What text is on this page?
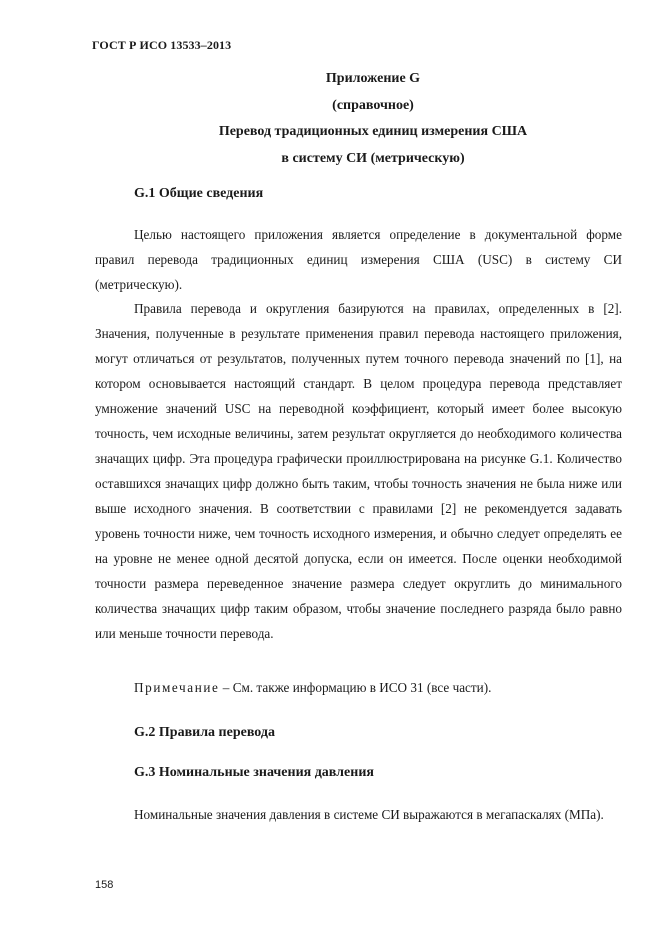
ГОСТ Р ИСО 13533–2013
Приложение G
(справочное)
Перевод традиционных единиц измерения США
в систему СИ (метрическую)
G.1 Общие сведения

Целью настоящего приложения является определение в документальной форме правил перевода традиционных единиц измерения США (USC) в систему СИ (метрическую).

Правила перевода и округления базируются на правилах, определенных в [2]. Значения, полученные в результате применения правил перевода настоящего приложения, могут отличаться от результатов, полученных путем точного перевода значений по [1], на котором основывается настоящий стандарт. В целом процедура перевода представляет умножение значений USC на переводной коэффициент, который имеет более высокую точность, чем исходные величины, затем результат округляется до необходимого количества значащих цифр. Эта процедура графически проиллюстрирована на рисунке G.1. Количество оставшихся значащих цифр должно быть таким, чтобы точность значения не была ниже или выше исходного значения. В соответствии с правилами [2] не рекомендуется задавать уровень точности ниже, чем точность исходного измерения, и обычно следует определять ее на уровне не менее одной десятой допуска, если он имеется. После оценки необходимой точности размера переведенное значение размера следует округлить до минимального количества значащих цифр таким образом, чтобы значение последнего разряда было равно или меньше точности перевода.

Примечание – См. также информацию в ИСО 31 (все части).
G.2 Правила перевода
G.3 Номинальные значения давления

Номинальные значения давления в системе СИ выражаются в мегапаскалях (МПа).

158
